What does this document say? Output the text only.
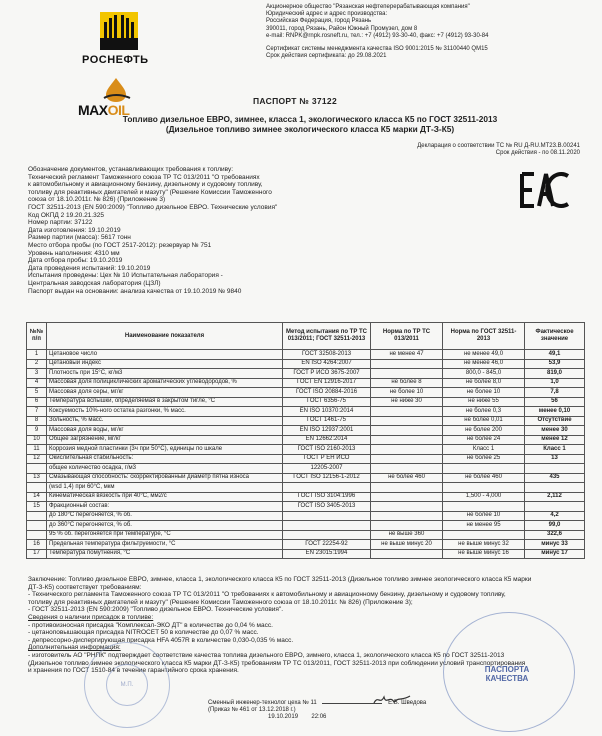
РОСНЕФТЬ
MAXOIL
Акционерное общество "Рязанская нефтеперерабатывающая компания"
Юридический адрес и адрес производства:
Российская Федерация, город Рязань
390011, город Рязань, Район Южный Промузел, дом 8
e-mail: RNPK@rnpk.rosneft.ru, тел.: +7 (4912) 93-30-40, факс: +7 (4912) 93-30-84
Сертификат системы менеджмента качества ISO 9001:2015 № 31100440 QM15
Срок действия сертификата: до 29.08.2021
ПАСПОРТ № 37122
Топливо дизельное ЕВРО, зимнее, класса 1, экологического класса К5 по ГОСТ 32511-2013
(Дизельное топливо зимнее экологического класса К5 марки ДТ-З-К5)
Декларация о соответствии ТС № RU Д-RU.МТ23.В.00241
Срок действия - по 08.11.2020
Обозначение документов, устанавливающих требования к топливу:
Технический регламент Таможенного союза ТР ТС 013/2011 "О требованиях
к автомобильному и авиационному бензину, дизельному и судовому топливу,
топливу для реактивных двигателей и мазуту" (Решение Комиссии Таможенного
союза от 18.10.2011г. № 826) (Приложение 3)
ГОСТ 32511-2013 (EN 590:2009) "Топливо дизельное ЕВРО. Технические условия"
Код ОКПД 2 19.20.21.325
Номер партии: 37122
Дата изготовления: 19.10.2019
Размер партии (масса): 5617 тонн
Место отбора пробы (по ГОСТ 2517-2012): резервуар № 751
Уровень наполнения: 4310 мм
Дата отбора пробы: 19.10.2019
Дата проведения испытаний: 19.10.2019
Испытания проведены: Цех № 10 Испытательная лаборатория -
Центральная заводская лаборатория (ЦЗЛ)
Паспорт выдан на основании: анализа качества от 19.10.2019 № 9840
№№ п/п	Наименование показателя	Метод испытания по ТР ТС 013/2011; ГОСТ 32511-2013	Норма по ТР ТС 013/2011	Норма по ГОСТ 32511-2013	Фактическое значение
1	Цетановое число	ГОСТ 32508-2013	не менее 47	не менее 49,0	49,1
2	Цетановый индекс	EN ISO 4264:2007		не менее 46,0	53,9
3	Плотность при 15°С, кг/м3	ГОСТ Р ИСО 3675-2007		800,0 - 845,0	819,0
4	Массовая доля полициклических ароматических углеводородов, %	ГОСТ EN 12916-2017	не более 8	не более 8,0	1,0
5	Массовая доля серы, мг/кг	ГОСТ ISO 20884-2016	не более 10	не более 10	7,8
6	Температура вспышки, определяемая в закрытом тигле, °С	ГОСТ 6356-75	не ниже 30	не ниже 55	56
7	Коксуемость 10%-ного остатка разгонки, % масс.	EN ISO 10370:2014		не более 0,3	менее 0,10
8	Зольность, % масс.	ГОСТ 1461-75		не более 0,01	Отсутствие
9	Массовая доля воды, мг/кг	EN ISO 12937:2001		не более 200	менее 30
10	Общее загрязнение, мг/кг	EN 12662:2014		не более 24	менее 12
11	Коррозия медной пластинки (3ч при 50°С), единицы по шкале	ГОСТ ISO 2160-2013		Класс 1	Класс 1
12	Окислительная стабильность:	ГОСТ Р ЕН ИСО		не более 25	13
	общее количество осадка, г/м3	12205-2007			
13	Смазывающая способность: скорректированный диаметр пятна износа	ГОСТ ISO 12156-1-2012	не более 460	не более 460	435
	(wsd 1,4) при 60°С, мкм				
14	Кинематическая вязкость при 40°С, мм2/с	ГОСТ ISO 3104:1996		1,500 - 4,000	2,112
15	Фракционный состав:	ГОСТ ISO 3405-2013			
	до 180°С перегоняется, % об.			не более 10	4,2
	до 360°С перегоняется, % об.			не менее 95	99,0
	95 % об. перегоняется при температуре, °С		не выше 360		322,6
16	Предельная температура фильтруемости, °С	ГОСТ 22254-92	не выше минус 20	не выше минус 32	минус 33
17	Температура помутнения, °С	EN 23015:1994		не выше минус 16	минус 17
Заключение: Топливо дизельное ЕВРО, зимнее, класса 1, экологического класса К5 по ГОСТ 32511-2013 (Дизельное топливо зимнее экологического класса К5 марки
ДТ-З-К5) соответствует требованиям:
- Технического регламента Таможенного союза ТР ТС 013/2011 "О требованиях к автомобильному и авиационному бензину, дизельному и судовому топливу,
топливу для реактивных двигателей и мазуту" (Решение Комиссии Таможенного союза от 18.10.2011г. № 826) (Приложение 3);
- ГОСТ 32511-2013 (EN 590:2009) "Топливо дизельное ЕВРО. Технические условия".
Сведения о наличии присадок в топливе:
- противоизносная присадка "Комплексал-ЭКО ДТ" в количестве до 0,04 % масс.
- цетаноповышающая присадка NITROCET 50 в количестве до 0,07 % масс.
- депрессорно-диспергирующая присадка HFA 4057R в количестве 0,030-0,035 % масс.
Дополнительная информация:
- изготовитель АО "РНПК" подтверждает соответствие качества топлива дизельного ЕВРО, зимнего, класса 1, экологического класса К5 по ГОСТ 32511-2013
(Дизельное топливо зимнее экологического класса К5 марки ДТ-З-К5) требованиям ТР ТС 013/2011, ГОСТ 32511-2013 при соблюдении условий транспортирования
и хранения по ГОСТ 1510-84 в течение гарантийного срока хранения.
М.П.
ПАСПОРТА
КАЧЕСТВА
Сменный инженер-технолог цеха № 11	Е.В. Шведова
(Приказ № 461 от 13.12.2018 г.)
19.10.2019 22:06
